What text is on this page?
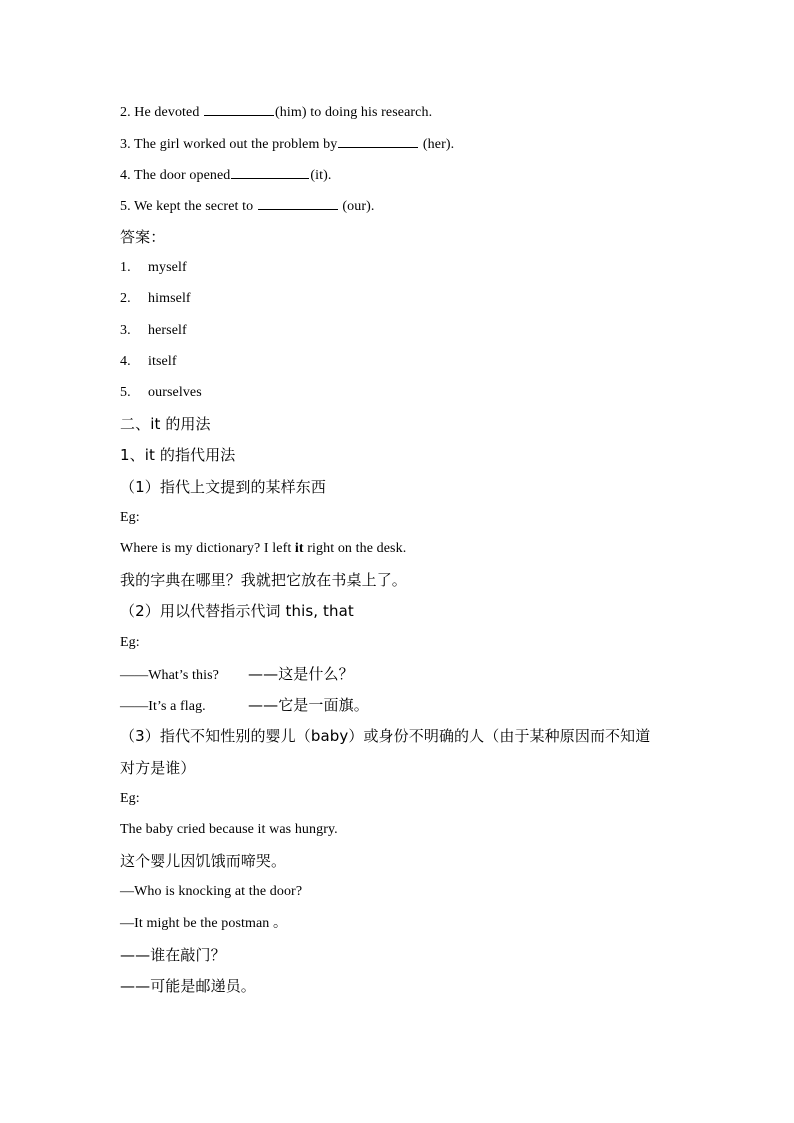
2. He devoted	(him) to doing his research.
3. The girl worked out the problem by	(her).
4. The door opened	(it).
5. We kept the secret to	(our).
答案：
1. myself
2. himself
3. herself
4. itself
5. ourselves
二、it 的用法
1、it 的指代用法
（1）指代上文提到的某样东西
Eg:
Where is my dictionary? I left it right on the desk.
我的字典在哪里？我就把它放在书桌上了。
（2）用以代替指示代词 this, that
Eg:
——What’s this? ——这是什么？
——It’s a flag.	——它是一面旗。
（3）指代不知性别的婴儿（baby）或身份不明确的人（由于某种原因而不知道
对方是谁）
Eg:
The baby cried because it was hungry.
这个婴儿因饥饿而啼哭。
—Who is knocking at the door?
—It might be the postman 。
——谁在敲门？
——可能是邮递员。
